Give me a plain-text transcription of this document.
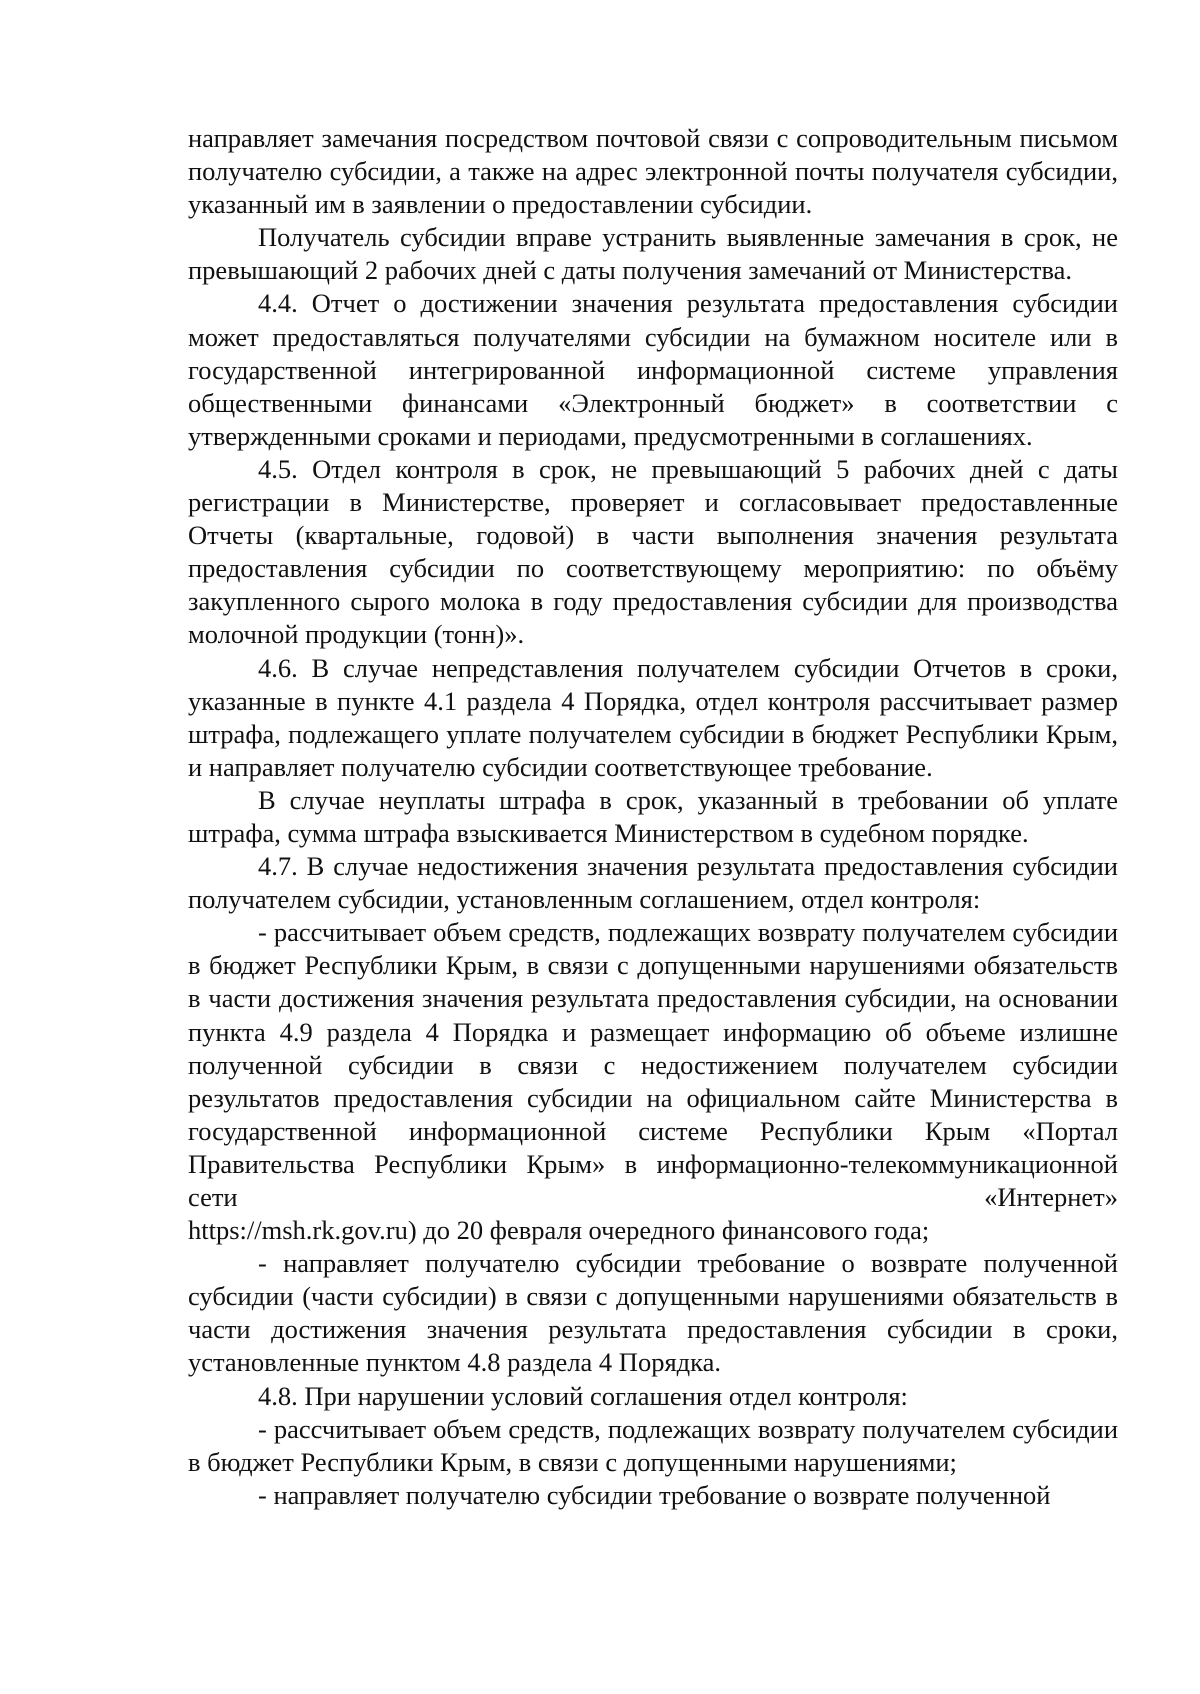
направляет замечания посредством почтовой связи с сопроводительным письмом получателю субсидии, а также на адрес электронной почты получателя субсидии, указанный им в заявлении о предоставлении субсидии.

Получатель субсидии вправе устранить выявленные замечания в срок, не превышающий 2 рабочих дней с даты получения замечаний от Министерства.

4.4. Отчет о достижении значения результата предоставления субсидии может предоставляться получателями субсидии на бумажном носителе или в государственной интегрированной информационной системе управления общественными финансами «Электронный бюджет» в соответствии с утвержденными сроками и периодами, предусмотренными в соглашениях.

4.5. Отдел контроля в срок, не превышающий 5 рабочих дней с даты регистрации в Министерстве, проверяет и согласовывает предоставленные Отчеты (квартальные, годовой) в части выполнения значения результата предоставления субсидии по соответствующему мероприятию: по объёму закупленного сырого молока в году предоставления субсидии для производства молочной продукции (тонн)».

4.6. В случае непредставления получателем субсидии Отчетов в сроки, указанные в пункте 4.1 раздела 4 Порядка, отдел контроля рассчитывает размер штрафа, подлежащего уплате получателем субсидии в бюджет Республики Крым, и направляет получателю субсидии соответствующее требование.

В случае неуплаты штрафа в срок, указанный в требовании об уплате штрафа, сумма штрафа взыскивается Министерством в судебном порядке.

4.7. В случае недостижения значения результата предоставления субсидии получателем субсидии, установленным соглашением, отдел контроля:

- рассчитывает объем средств, подлежащих возврату получателем субсидии в бюджет Республики Крым, в связи с допущенными нарушениями обязательств в части достижения значения результата предоставления субсидии, на основании пункта 4.9 раздела 4 Порядка и размещает информацию об объеме излишне полученной субсидии в связи с недостижением получателем субсидии результатов предоставления субсидии на официальном сайте Министерства в государственной информационной системе Республики Крым «Портал Правительства Республики Крым» в информационно-телекоммуникационной сети «Интернет»

https://msh.rk.gov.ru) до 20 февраля очередного финансового года;

- направляет получателю субсидии требование о возврате полученной субсидии (части субсидии) в связи с допущенными нарушениями обязательств в части достижения значения результата предоставления субсидии в сроки, установленные пунктом 4.8 раздела 4 Порядка.

4.8. При нарушении условий соглашения отдел контроля:

- рассчитывает объем средств, подлежащих возврату получателем субсидии в бюджет Республики Крым, в связи с допущенными нарушениями;

- направляет получателю субсидии требование о возврате полученной
